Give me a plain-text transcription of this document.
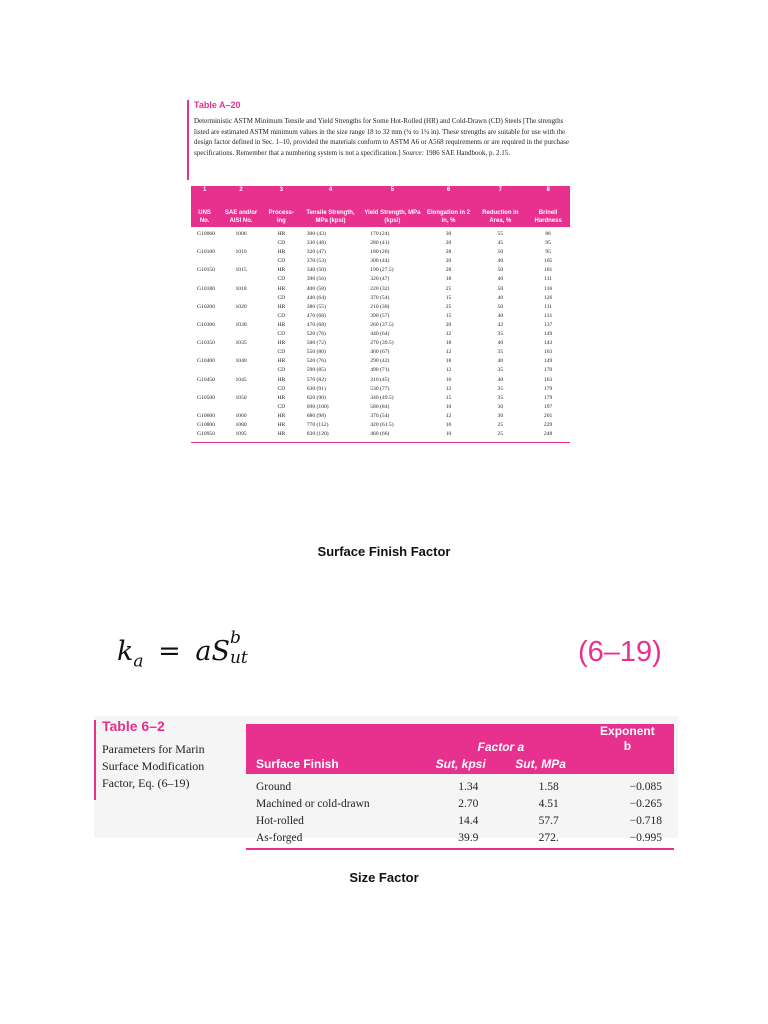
Table A–20
Deterministic ASTM Minimum Tensile and Yield Strengths for Some Hot-Rolled (HR) and Cold-Drawn (CD) Steels [The strengths listed are estimated ASTM minimum values in the size range 18 to 32 mm (¾ to 1¼ in). These strengths are suitable for use with the design factor defined in Sec. 1–10, provided the materials conform to ASTM A6 or A568 requirements or are required in the purchase specifications. Remember that a numbering system is not a specification.] Source: 1986 SAE Handbook, p. 2.15.
1	2	3	4	5	6	7	8
UNS No.	SAE and/or AISI No.	Process-ing	Tensile Strength, MPa (kpsi)	Yield Strength, MPa (kpsi)	Elongation in 2 in, %	Reduction in Area, %	Brinell Hardness
G10060	1006	HR	300 (43)	170 (24)	30	55	86
		CD	330 (48)	280 (41)	20	45	95
G10100	1010	HR	320 (47)	180 (26)	28	50	95
		CD	370 (53)	300 (44)	20	40	105
G10150	1015	HR	340 (50)	190 (27.5)	28	50	101
		CD	390 (56)	320 (47)	18	40	111
G10180	1018	HR	400 (58)	220 (32)	25	50	116
		CD	440 (64)	370 (54)	15	40	126
G10200	1020	HR	380 (55)	210 (30)	25	50	111
		CD	470 (68)	390 (57)	15	40	131
G10300	1030	HR	470 (68)	260 (37.5)	20	42	137
		CD	520 (76)	440 (64)	12	35	149
G10350	1035	HR	500 (72)	270 (39.5)	18	40	143
		CD	550 (80)	460 (67)	12	35	163
G10400	1040	HR	520 (76)	290 (42)	18	40	149
		CD	590 (85)	490 (71)	12	35	170
G10450	1045	HR	570 (82)	310 (45)	16	40	163
		CD	630 (91)	530 (77)	12	35	179
G10500	1050	HR	620 (90)	340 (49.5)	15	35	179
		CD	690 (100)	580 (84)	10	30	197
G10600	1060	HR	680 (98)	370 (54)	12	30	201
G10800	1080	HR	770 (112)	420 (61.5)	10	25	229
G10950	1095	HR	830 (120)	460 (66)	10	25	248
Surface Finish Factor
$k_a$ = aS b
ut	(6–19)
Table 6–2
Parameters for Marin Surface Modification Factor, Eq. (6–19)
	Factor a		Exponent b
Surface Finish	Sut, kpsi	Sut, MPa	
Ground	1.34	1.58	−0.085
Machined or cold-drawn	2.70	4.51	−0.265
Hot-rolled	14.4	57.7	−0.718
As-forged	39.9	272.	−0.995
Size Factor
